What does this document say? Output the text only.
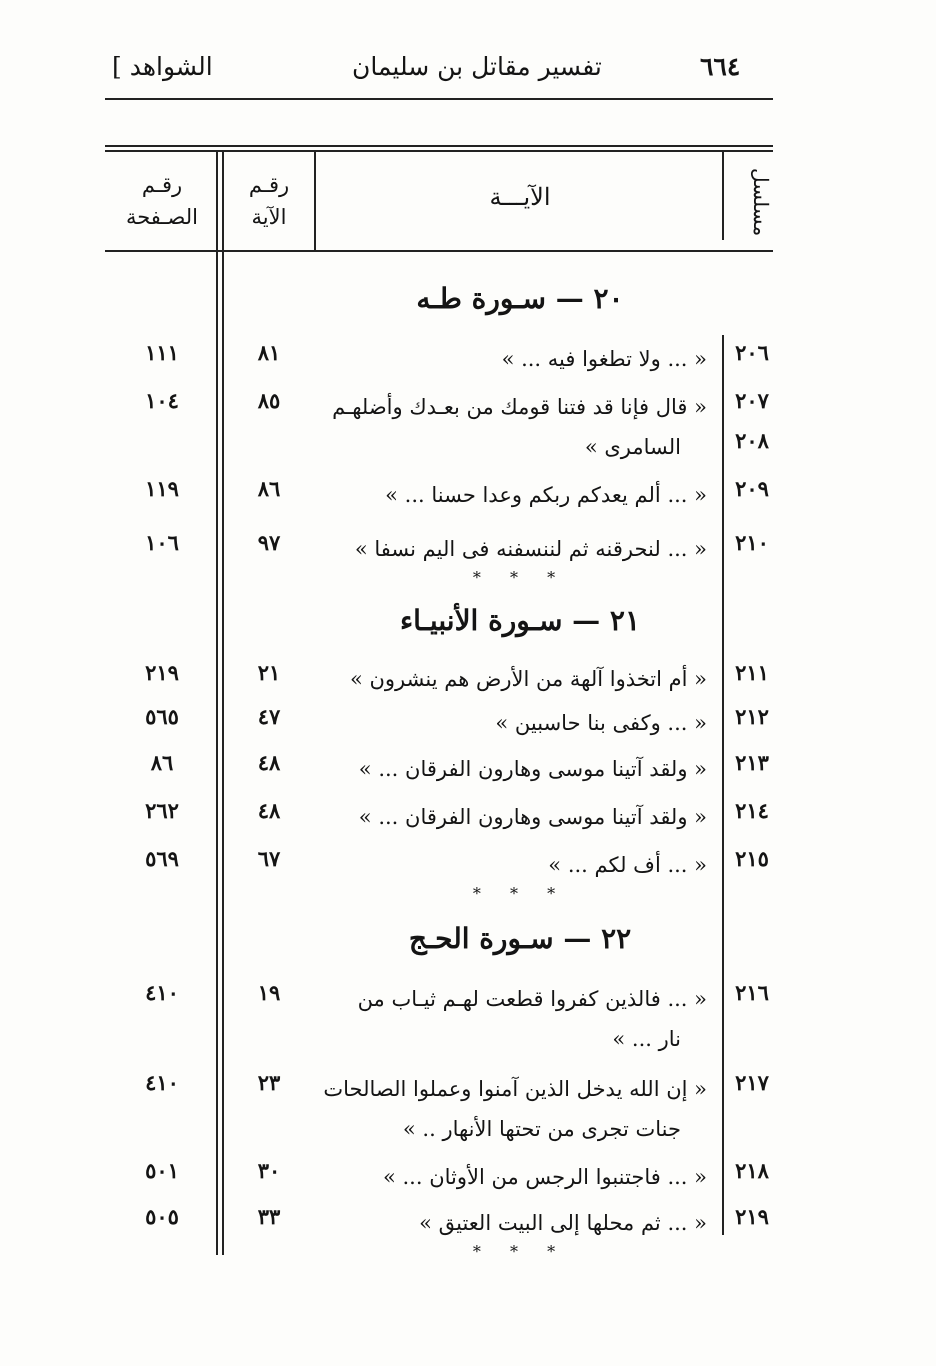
٦٦٤
تفسير مقاتل بن سليمان
[ الشواهد
مسلسل
الآيـــة
رقـم
الآية
رقـم
الصـفحة
٢٠ — سـورة طـه
٢٠٦
« ... ولا تطغوا فيه ... »
٨١
١١١
٢٠٧
« قال فإنا قد فتنا قومك من بعـدك وأضلهـم
٨٥
١٠٤
٢٠٨
السامرى »
٢٠٩
« ... ألم يعدكم ربكم وعدا حسنا ... »
٨٦
١١٩
٢١٠
« ... لنحرقنه ثم لننسفنه فى اليم نسفا »
٩٧
١٠٦
* * *
٢١ — سـورة الأنبيـاء
٢١١
« أم اتخذوا آلهة من الأرض هم ينشرون »
٢١
٢١٩
٢١٢
« ... وكفى بنا حاسبين »
٤٧
٥٦٥
٢١٣
« ولقد آتينا موسى وهارون الفرقان ... »
٤٨
٨٦
٢١٤
« ولقد آتينا موسى وهارون الفرقان ... »
٤٨
٢٦٢
٢١٥
« ... أف لكم ... »
٦٧
٥٦٩
* * *
٢٢ — سـورة الحـج
٢١٦
« ... فالذين كفروا قطعت لهـم ثيـاب من
نار ... »
١٩
٤١٠
٢١٧
« إن الله يدخل الذين آمنوا وعملوا الصالحات
جنات تجرى من تحتها الأنهار .. »
٢٣
٤١٠
٢١٨
« ... فاجتنبوا الرجس من الأوثان ... »
٣٠
٥٠١
٢١٩
« ... ثم محلها إلى البيت العتيق »
٣٣
٥٠٥
* * *
